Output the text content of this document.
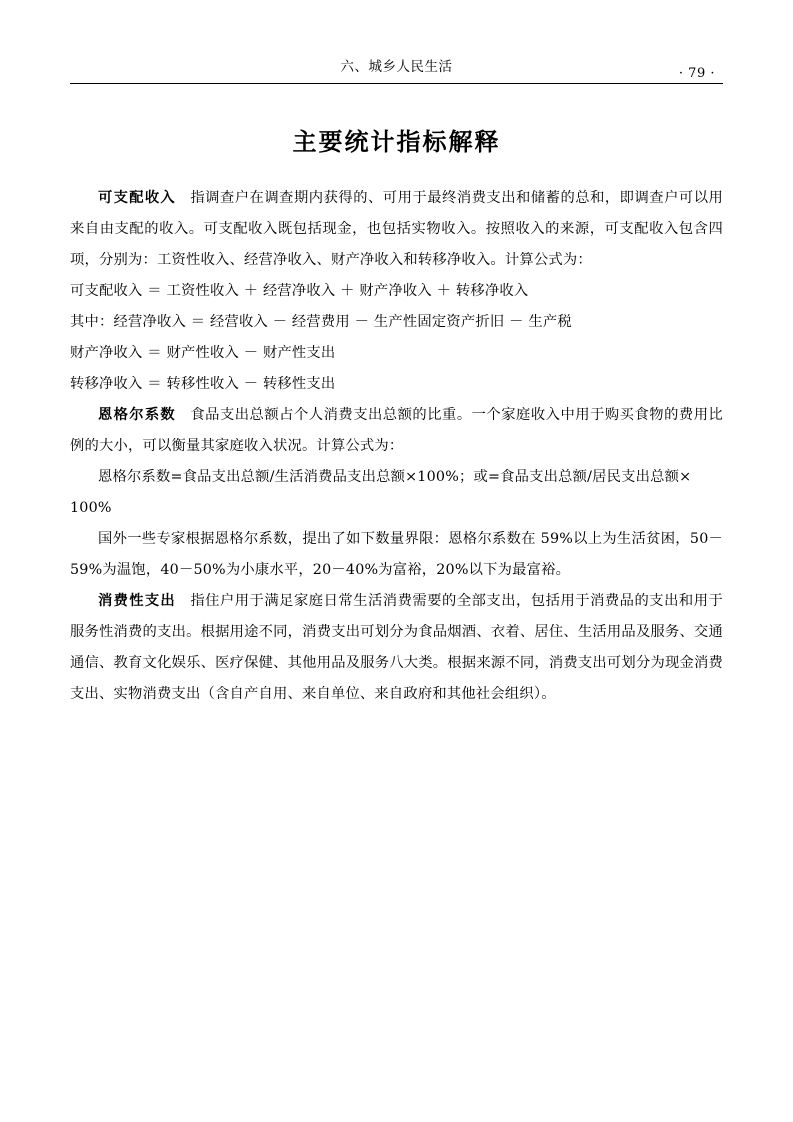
六、城乡人民生活	· 79 ·
主要统计指标解释

可支配收入 指调查户在调查期内获得的、可用于最终消费支出和储蓄的总和，即调查户可以用来自由支配的收入。可支配收入既包括现金，也包括实物收入。按照收入的来源，可支配收入包含四项，分别为：工资性收入、经营净收入、财产净收入和转移净收入。计算公式为：

可支配收入 ＝ 工资性收入 ＋ 经营净收入 ＋ 财产净收入 ＋ 转移净收入

其中：经营净收入 ＝ 经营收入 － 经营费用 － 生产性固定资产折旧 － 生产税

财产净收入 ＝ 财产性收入 － 财产性支出

转移净收入 ＝ 转移性收入 － 转移性支出

恩格尔系数 食品支出总额占个人消费支出总额的比重。一个家庭收入中用于购买食物的费用比例的大小，可以衡量其家庭收入状况。计算公式为：

恩格尔系数=食品支出总额/生活消费品支出总额×100%；或=食品支出总额/居民支出总额×

100%

国外一些专家根据恩格尔系数，提出了如下数量界限：恩格尔系数在 59%以上为生活贫困，50－59%为温饱，40－50%为小康水平，20－40%为富裕，20%以下为最富裕。

消费性支出 指住户用于满足家庭日常生活消费需要的全部支出，包括用于消费品的支出和用于服务性消费的支出。根据用途不同，消费支出可划分为食品烟酒、衣着、居住、生活用品及服务、交通通信、教育文化娱乐、医疗保健、其他用品及服务八大类。根据来源不同，消费支出可划分为现金消费支出、实物消费支出（含自产自用、来自单位、来自政府和其他社会组织）。
